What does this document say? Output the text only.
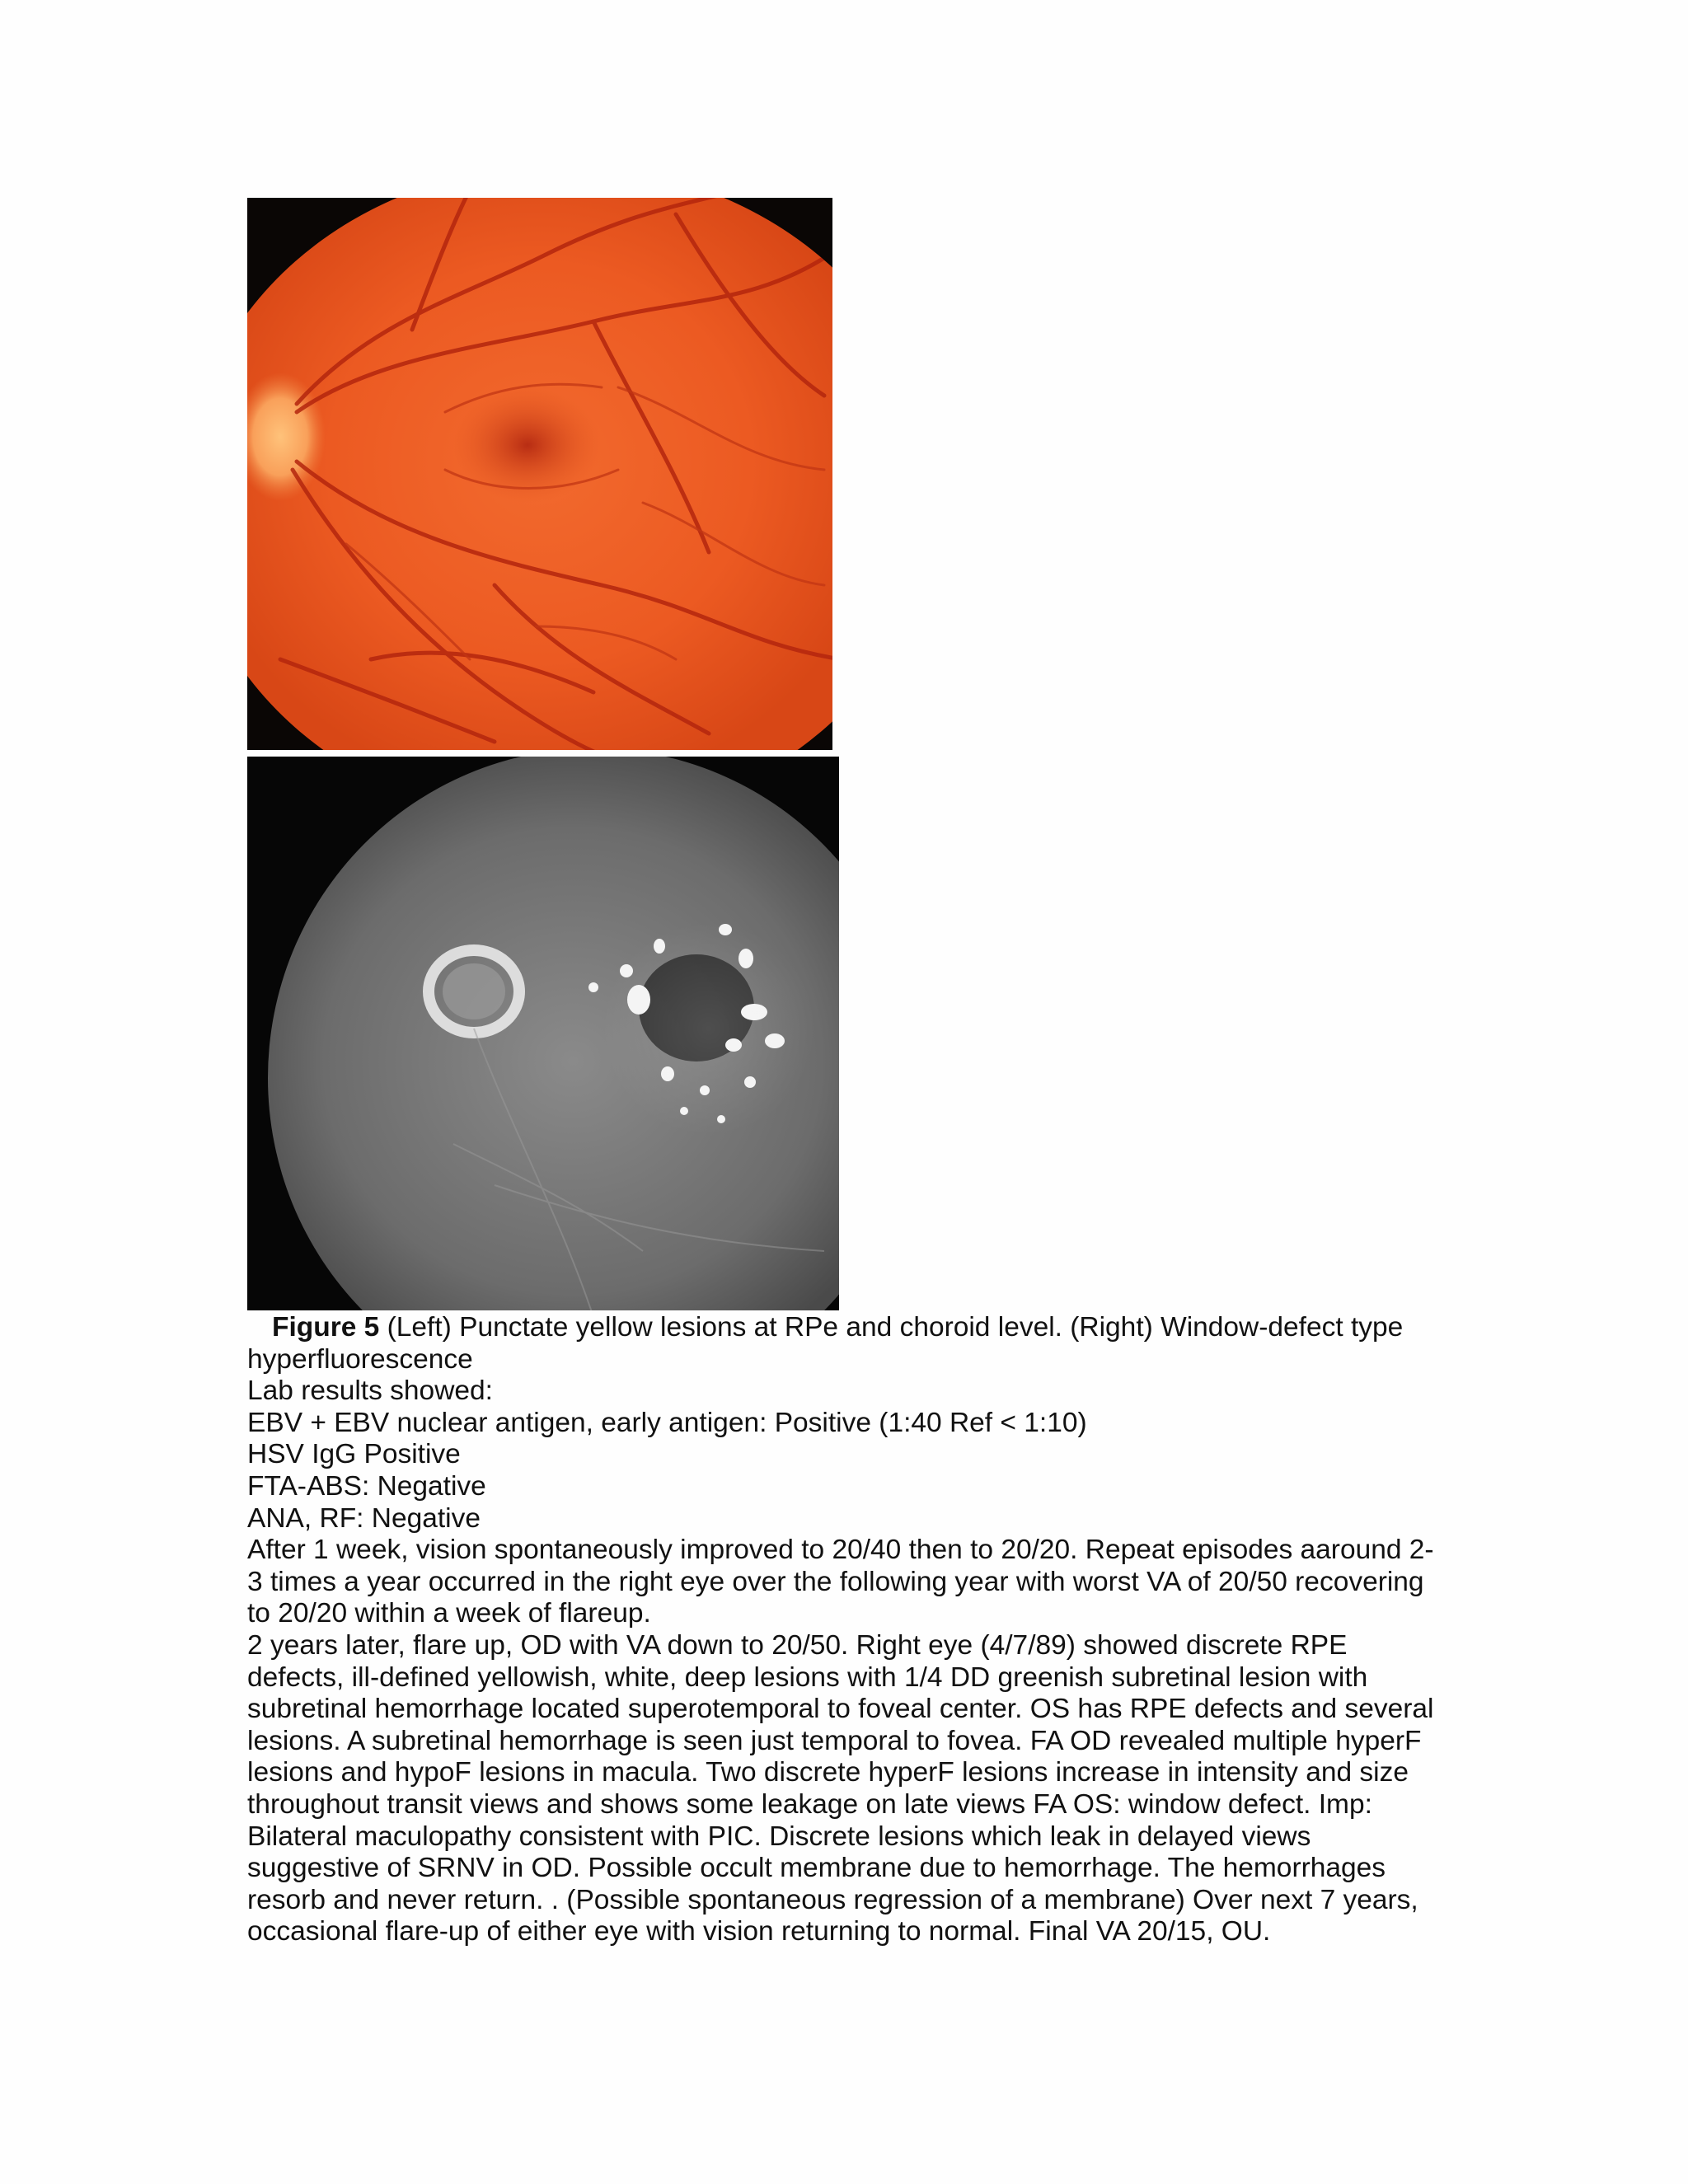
Figure 5 (Left) Punctate yellow lesions at RPe and choroid level. (Right) Window-defect type hyperfluorescence

Lab results showed:

EBV + EBV nuclear antigen, early antigen: Positive (1:40 Ref < 1:10)

HSV IgG Positive

FTA-ABS: Negative

ANA, RF: Negative

After 1 week, vision spontaneously improved to 20/40 then to 20/20. Repeat episodes aaround 2-3 times a year occurred in the right eye over the following year with worst VA of 20/50 recovering to 20/20 within a week of flareup.

2 years later, flare up, OD with VA down to 20/50. Right eye (4/7/89) showed discrete RPE defects, ill-defined yellowish, white, deep lesions with 1/4 DD greenish subretinal lesion with subretinal hemorrhage located superotemporal to foveal center. OS has RPE defects and several lesions. A subretinal hemorrhage is seen just temporal to fovea. FA OD revealed multiple hyperF lesions and hypoF lesions in macula. Two discrete hyperF lesions increase in intensity and size throughout transit views and shows some leakage on late views FA OS: window defect. Imp: Bilateral maculopathy consistent with PIC. Discrete lesions which leak in delayed views suggestive of SRNV in OD. Possible occult membrane due to hemorrhage. The hemorrhages resorb and never return. . (Possible spontaneous regression of a membrane) Over next 7 years, occasional flare-up of either eye with vision returning to normal. Final VA 20/15, OU.
